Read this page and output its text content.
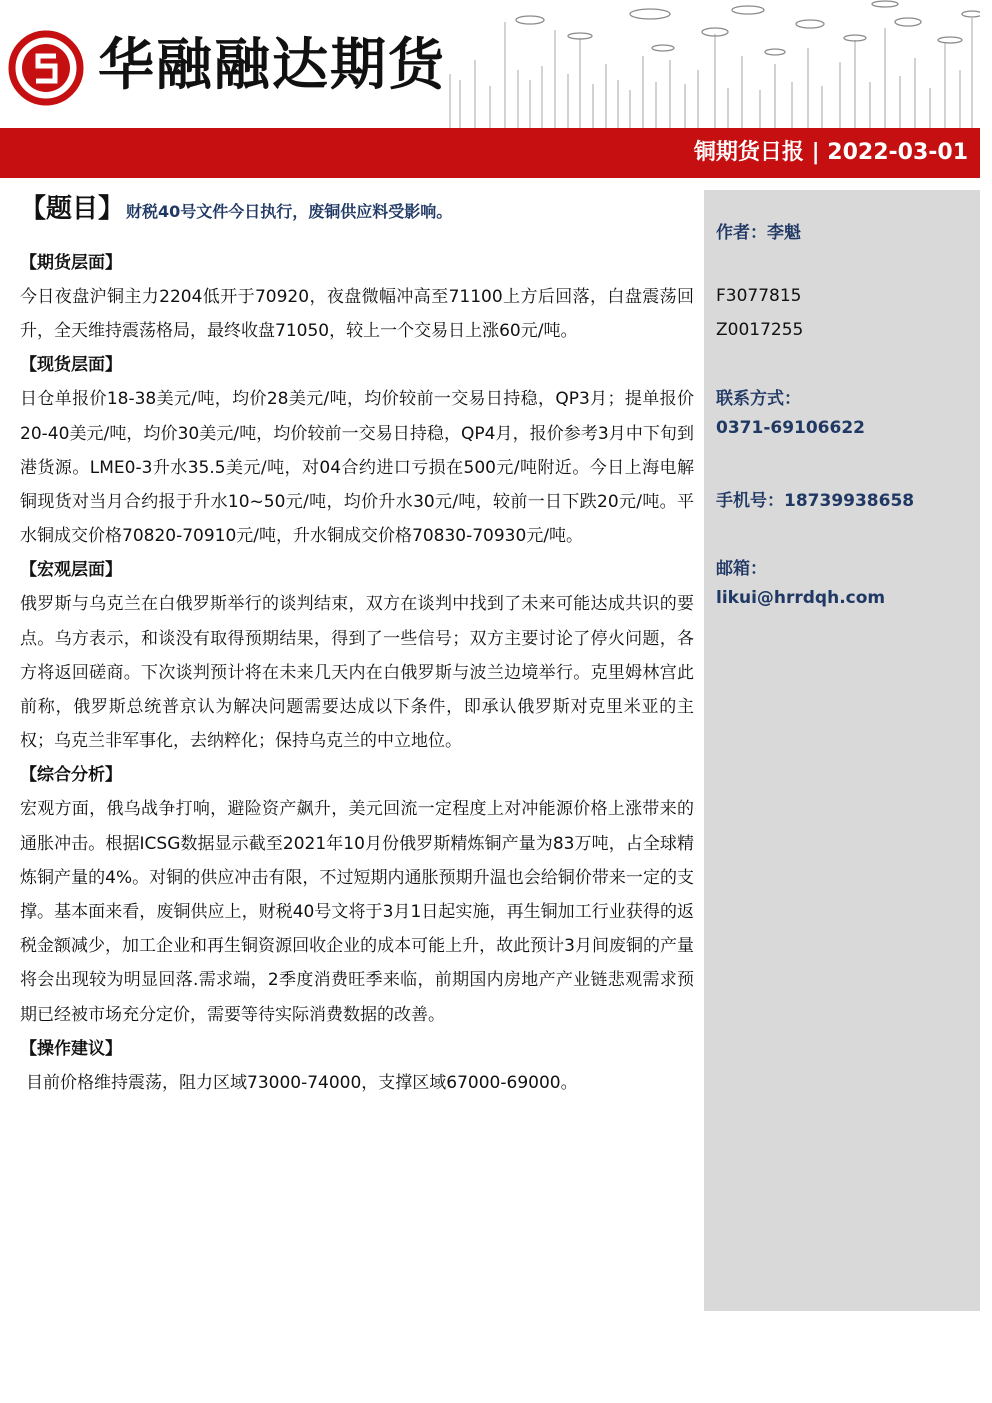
华融融达期货
铜期货日报 | 2022-03-01
作者：李魁
F3077815
Z0017255
联系方式：
0371-69106622
手机号：18739938658
邮箱：
likui@hrrdqh.com
【题目】 财税40号文件今日执行，废铜供应料受影响。
【期货层面】

今日夜盘沪铜主力2204低开于70920，夜盘微幅冲高至71100上方后回落，白盘震荡回升，全天维持震荡格局，最终收盘71050，较上一个交易日上涨60元/吨。

【现货层面】

日仓单报价18-38美元/吨，均价28美元/吨，均价较前一交易日持稳，QP3月；提单报价20-40美元/吨，均价30美元/吨，均价较前一交易日持稳，QP4月，报价参考3月中下旬到港货源。LME0-3升水35.5美元/吨，对04合约进口亏损在500元/吨附近。今日上海电解铜现货对当月合约报于升水10~50元/吨，均价升水30元/吨，较前一日下跌20元/吨。平水铜成交价格70820-70910元/吨，升水铜成交价格70830-70930元/吨。

【宏观层面】

俄罗斯与乌克兰在白俄罗斯举行的谈判结束，双方在谈判中找到了未来可能达成共识的要点。乌方表示，和谈没有取得预期结果，得到了一些信号；双方主要讨论了停火问题，各方将返回磋商。下次谈判预计将在未来几天内在白俄罗斯与波兰边境举行。克里姆林宫此前称，俄罗斯总统普京认为解决问题需要达成以下条件，即承认俄罗斯对克里米亚的主权；乌克兰非军事化，去纳粹化；保持乌克兰的中立地位。

【综合分析】

宏观方面，俄乌战争打响，避险资产飙升，美元回流一定程度上对冲能源价格上涨带来的通胀冲击。根据ICSG数据显示截至2021年10月份俄罗斯精炼铜产量为83万吨，占全球精炼铜产量的4%。对铜的供应冲击有限，不过短期内通胀预期升温也会给铜价带来一定的支撑。基本面来看，废铜供应上，财税40号文将于3月1日起实施，再生铜加工行业获得的返税金额减少，加工企业和再生铜资源回收企业的成本可能上升，故此预计3月间废铜的产量将会出现较为明显回落.需求端，2季度消费旺季来临，前期国内房地产产业链悲观需求预期已经被市场充分定价，需要等待实际消费数据的改善。

【操作建议】

目前价格维持震荡，阻力区域73000-74000，支撑区域67000-69000。
